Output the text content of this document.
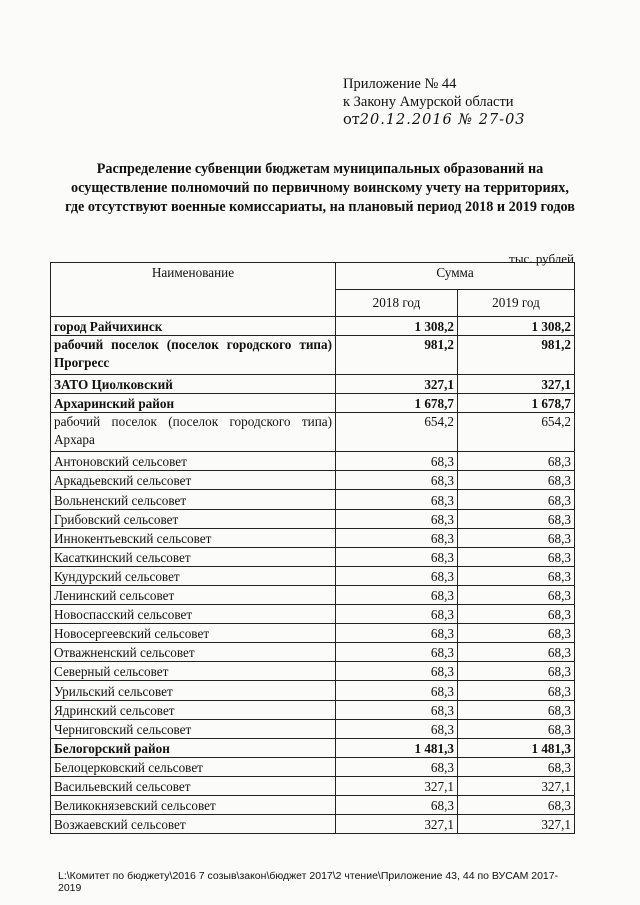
Приложение № 44
к Закону Амурской области
от20.12.2016 № 27-03
Распределение субвенции бюджетам муниципальных образований на осуществление полномочий по первичному воинскому учету на территориях, где отсутствуют военные комиссариаты, на плановый период 2018 и 2019 годов
тыс. рублей
Наименование	Сумма	
	2018 год	2019 год
город Райчихинск	1 308,2	1 308,2
рабочий поселок (поселок городского типа) Прогресс	981,2	981,2
ЗАТО Циолковский	327,1	327,1
Архаринский район	1 678,7	1 678,7
рабочий поселок (поселок городского типа) Архара	654,2	654,2
Антоновский сельсовет	68,3	68,3
Аркадьевский сельсовет	68,3	68,3
Вольненский сельсовет	68,3	68,3
Грибовский сельсовет	68,3	68,3
Иннокентьевский сельсовет	68,3	68,3
Касаткинский сельсовет	68,3	68,3
Кундурский сельсовет	68,3	68,3
Ленинский сельсовет	68,3	68,3
Новоспасский сельсовет	68,3	68,3
Новосергеевский сельсовет	68,3	68,3
Отважненский сельсовет	68,3	68,3
Северный сельсовет	68,3	68,3
Урильский сельсовет	68,3	68,3
Ядринский сельсовет	68,3	68,3
Черниговский сельсовет	68,3	68,3
Белогорский район	1 481,3	1 481,3
Белоцерковский сельсовет	68,3	68,3
Васильевский сельсовет	327,1	327,1
Великокнязевский сельсовет	68,3	68,3
Возжаевский сельсовет	327,1	327,1
L:\Комитет по бюджету\2016 7 созыв\закон\бюджет 2017\2 чтение\Приложение 43, 44 по ВУСАМ 2017-2019
